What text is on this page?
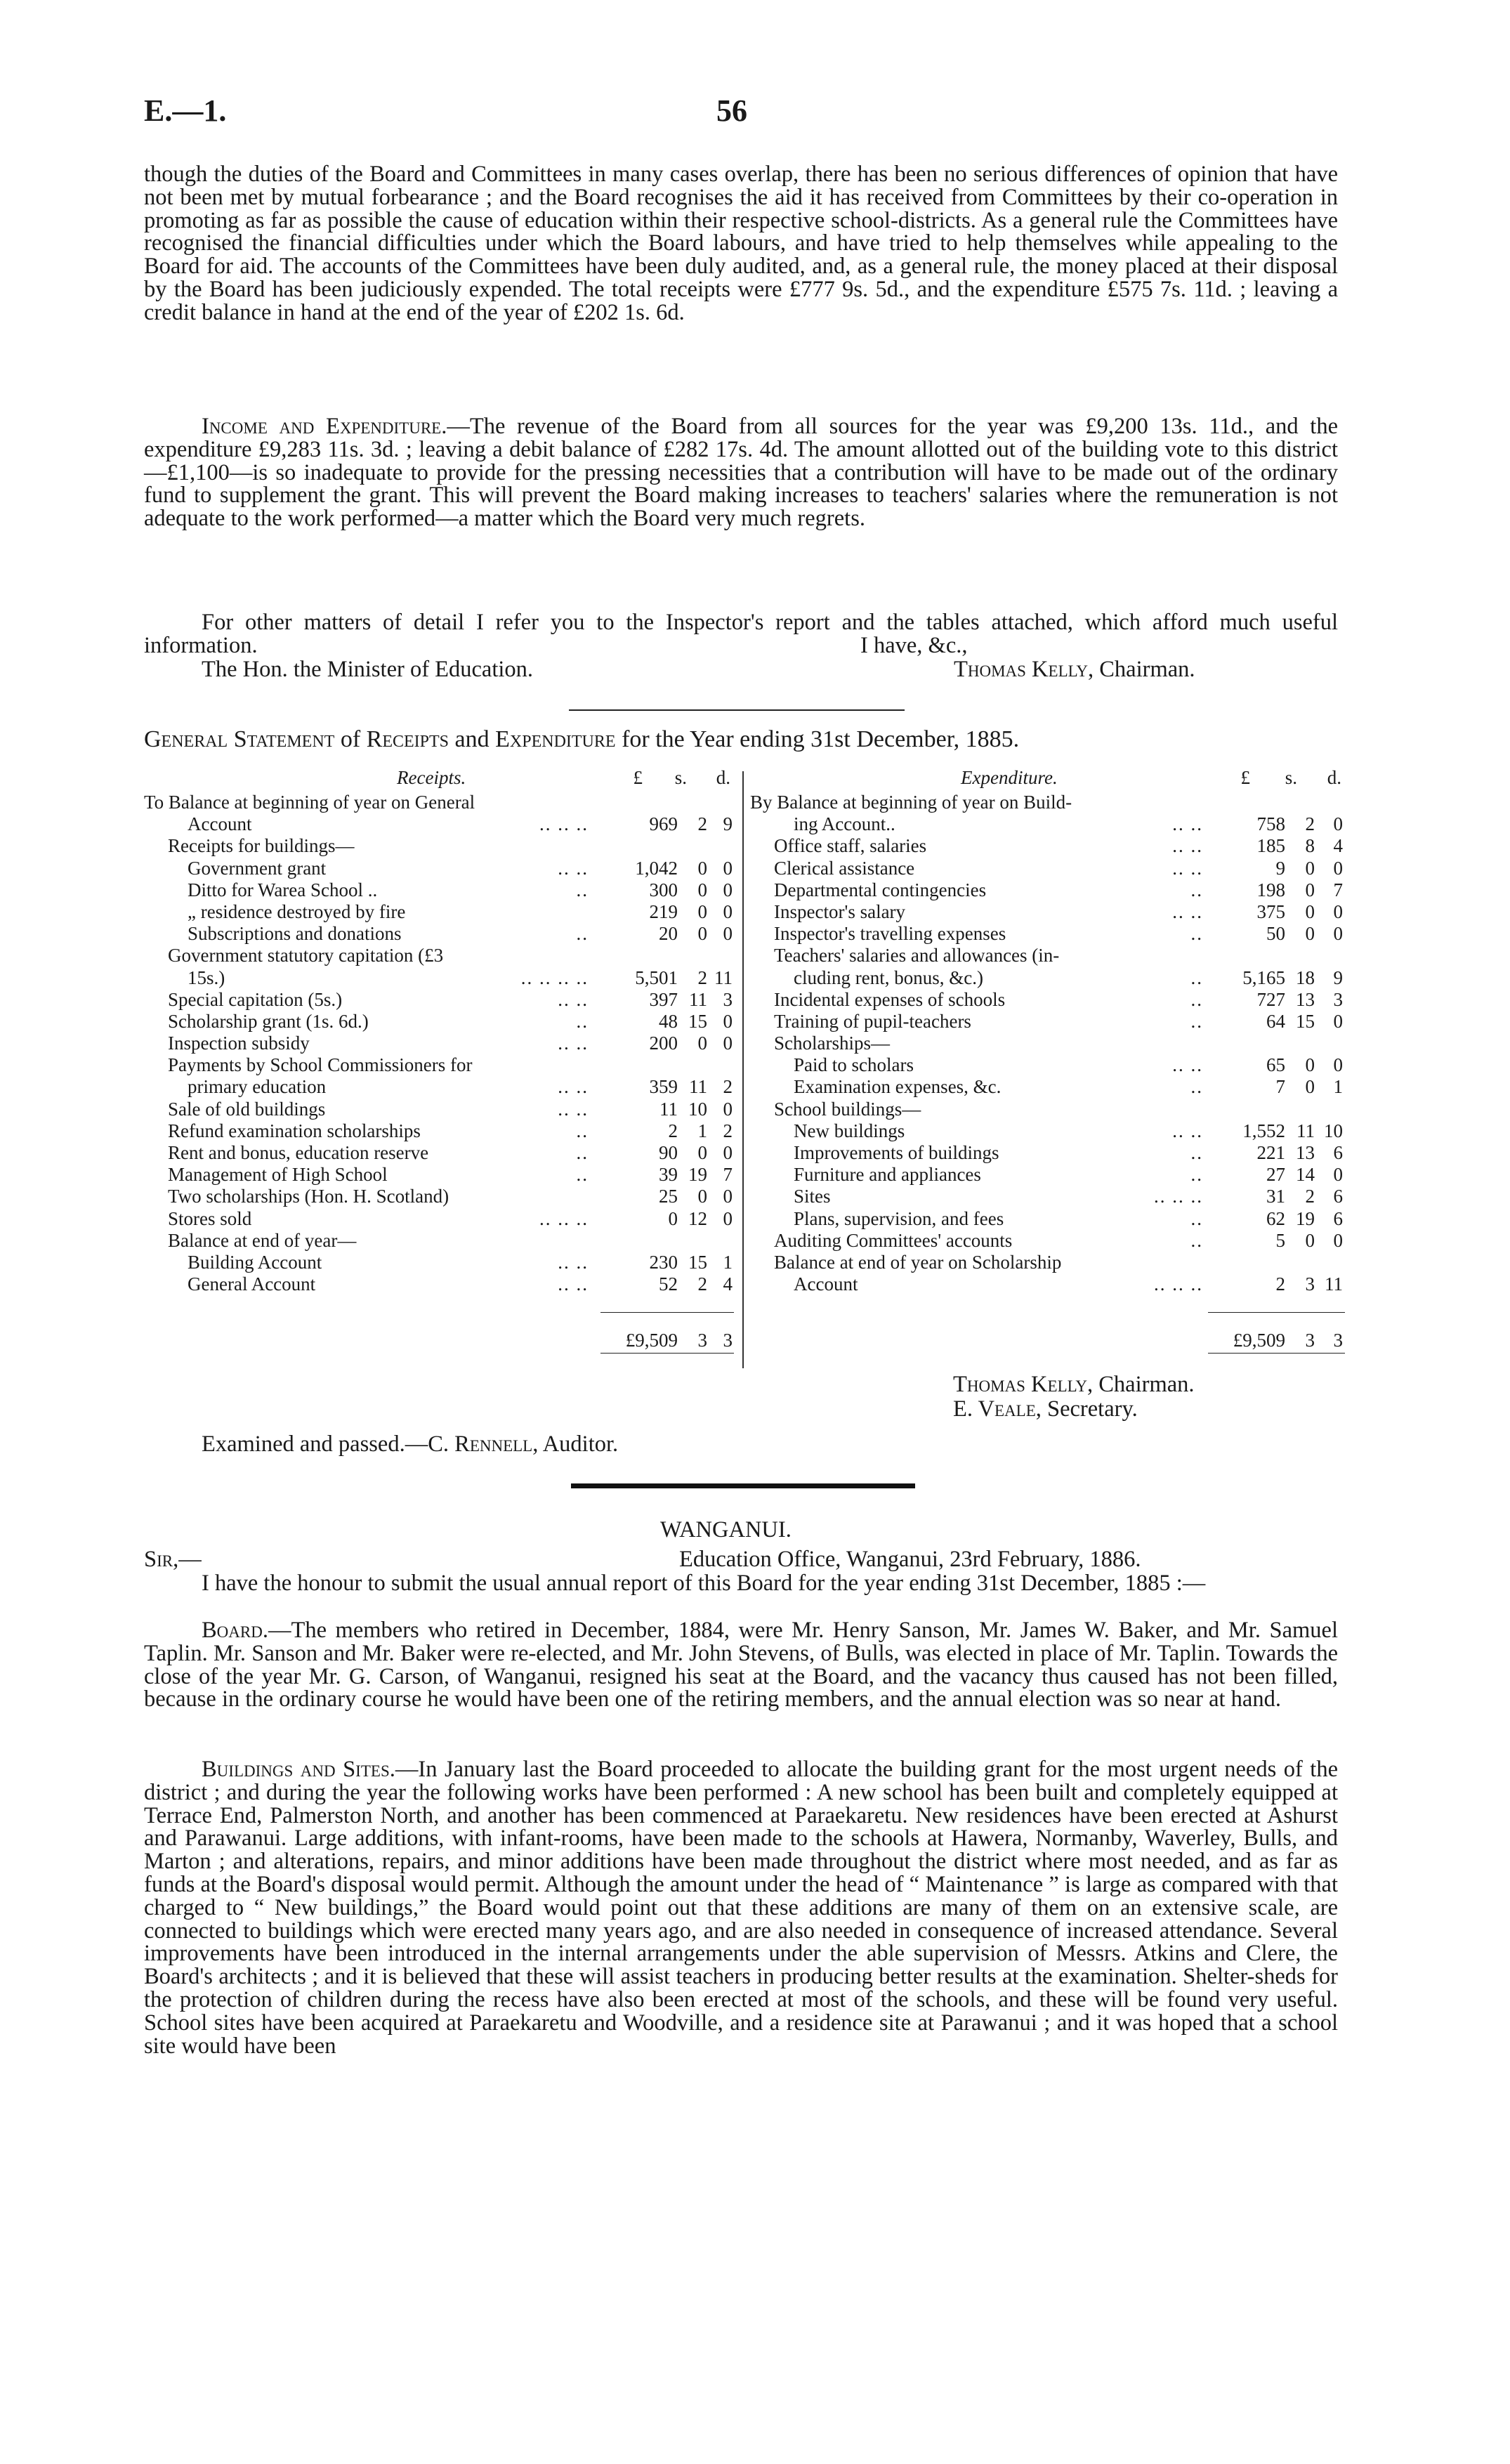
E.—1.	56
though the duties of the Board and Committees in many cases overlap, there has been no serious differences of opinion that have not been met by mutual forbearance ; and the Board recognises the aid it has received from Committees by their co-operation in promoting as far as possible the cause of education within their respective school-districts. As a general rule the Committees have recognised the financial difficulties under which the Board labours, and have tried to help themselves while appealing to the Board for aid. The accounts of the Committees have been duly audited, and, as a general rule, the money placed at their disposal by the Board has been judiciously expended. The total receipts were £777 9s. 5d., and the expenditure £575 7s. 11d. ; leaving a credit balance in hand at the end of the year of £202 1s. 6d.
Income and Expenditure.—The revenue of the Board from all sources for the year was £9,200 13s. 11d., and the expenditure £9,283 11s. 3d. ; leaving a debit balance of £282 17s. 4d. The amount allotted out of the building vote to this district—£1,100—is so inadequate to provide for the pressing necessities that a contribution will have to be made out of the ordinary fund to supplement the grant. This will prevent the Board making increases to teachers' salaries where the remuneration is not adequate to the work performed—a matter which the Board very much regrets.
For other matters of detail I refer you to the Inspector's report and the tables attached, which afford much useful information.	I have, &c.,
The Hon. the Minister of Education.	Thomas Kelly, Chairman.
General Statement of Receipts and Expenditure for the Year ending 31st December, 1885.
Receipts.	£	s.	d.	Expenditure.	£	s.	d.
To Balance at beginning of year on General
Account	.. .. ..	969	2 9
Receipts for buildings—
Government grant	.. ..	1,042	0 0
Ditto for Warea School ..	..	300	0 0
„ residence destroyed by fire	219	0 0
Subscriptions and donations	..	20	0 0
Government statutory capitation (£3
15s.)	.. .. .. ..	5,501	2 11
Special capitation (5s.)	.. ..	397 11 3
Scholarship grant (1s. 6d.)	..	48 15 0
Inspection subsidy	.. ..	200	0 0
Payments by School Commissioners for
primary education	.. ..	359 11 2
Sale of old buildings	.. ..	11 10 0
Refund examination scholarships	..	2	1 2
Rent and bonus, education reserve	..	90	0 0
Management of High School	..	39 19 7
Two scholarships (Hon. H. Scotland)	25	0 0
Stores sold	.. .. ..	0 12 0
Balance at end of year—
Building Account	.. ..	230 15 1
General Account	.. ..	52	2 4
By Balance at beginning of year on Build-
ing Account..	.. ..	758	2 0
Office staff, salaries	.. ..	185	8 4
Clerical assistance	.. ..	9	0 0
Departmental contingencies	..	198	0 7
Inspector's salary	.. ..	375	0 0
Inspector's travelling expenses	..	50	0 0
Teachers' salaries and allowances (in-
cluding rent, bonus, &c.)	..	5,165 18 9
Incidental expenses of schools	..	727 13 3
Training of pupil-teachers	..	64 15 0
Scholarships—
Paid to scholars	.. ..	65	0 0
Examination expenses, &c.	..	7	0 1
School buildings—
New buildings	.. ..	1,552 11 10
Improvements of buildings	..	221 13 6
Furniture and appliances	..	27 14 0
Sites	.. .. ..	31	2 6
Plans, supervision, and fees	..	62 19 6
Auditing Committees' accounts	..	5	0 0
Balance at end of year on Scholarship
Account	.. .. ..	2	3 11
£9,509	3 3	£9,509	3 3
Thomas Kelly, Chairman.
E. Veale, Secretary.
Examined and passed.—C. Rennell, Auditor.
WANGANUI.
Sir,—	Education Office, Wanganui, 23rd February, 1886.
I have the honour to submit the usual annual report of this Board for the year ending 31st December, 1885 :—
Board.—The members who retired in December, 1884, were Mr. Henry Sanson, Mr. James W. Baker, and Mr. Samuel Taplin. Mr. Sanson and Mr. Baker were re-elected, and Mr. John Stevens, of Bulls, was elected in place of Mr. Taplin. Towards the close of the year Mr. G. Carson, of Wanganui, resigned his seat at the Board, and the vacancy thus caused has not been filled, because in the ordinary course he would have been one of the retiring members, and the annual election was so near at hand.
Buildings and Sites.—In January last the Board proceeded to allocate the building grant for the most urgent needs of the district ; and during the year the following works have been performed : A new school has been built and completely equipped at Terrace End, Palmerston North, and another has been commenced at Paraekaretu. New residences have been erected at Ashurst and Parawanui. Large additions, with infant-rooms, have been made to the schools at Hawera, Normanby, Waverley, Bulls, and Marton ; and alterations, repairs, and minor additions have been made throughout the district where most needed, and as far as funds at the Board's disposal would permit. Although the amount under the head of “ Maintenance ” is large as compared with that charged to “ New buildings,” the Board would point out that these additions are many of them on an extensive scale, are connected to buildings which were erected many years ago, and are also needed in consequence of increased attendance. Several improvements have been introduced in the internal arrangements under the able supervision of Messrs. Atkins and Clere, the Board's architects ; and it is believed that these will assist teachers in producing better results at the examination. Shelter-sheds for the protection of children during the recess have also been erected at most of the schools, and these will be found very useful. School sites have been acquired at Paraekaretu and Woodville, and a residence site at Parawanui ; and it was hoped that a school site would have been
